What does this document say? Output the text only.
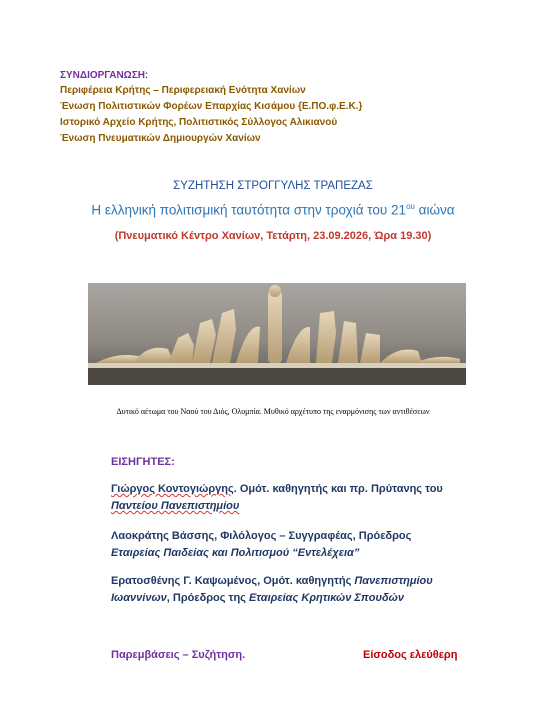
ΣΥΝΔΙΟΡΓΑΝΩΣΗ:
Περιφέρεια Κρήτης – Περιφερειακή Ενότητα Χανίων
Ένωση Πολιτιστικών Φορέων Επαρχίας Κισάμου {Ε.ΠΟ.φ.Ε.Κ.}
Ιστορικό Αρχείο Κρήτης, Πολιτιστικός Σύλλογος Αλικιανού
Ένωση Πνευματικών Δημιουργών Χανίων
ΣΥΖΗΤΗΣΗ ΣΤΡΟΓΓΥΛΗΣ ΤΡΑΠΕΖΑΣ
Η ελληνική πολιτισμική ταυτότητα στην τροχιά του $21^{o\upsilon}$ αιώνα
(Πνευματικό Κέντρο Χανίων, Τετάρτη, 23.09.2026, Ώρα 19.30)
Δυτικό αέτωμα του Ναού του Διός, Ολυμπία. Μυθικό αρχέτυπο της εναρμόνισης των αντιθέσεων
ΕΙΣΗΓΗΤΕΣ:
Γιώργος Κοντογιώργης. Ομότ. καθηγητής και πρ. Πρύτανης του
Παντείου Πανεπιστημίου
Λαοκράτης Βάσσης, Φιλόλογος – Συγγραφέας, Πρόεδρος
Εταιρείας Παιδείας και Πολιτισμού “Εντελέχεια”
Ερατοσθένης Γ. Καψωμένος, Ομότ. καθηγητής Πανεπιστημίου Ιωαννίνων, Πρόεδρος της Εταιρείας Κρητικών Σπουδών
Παρεμβάσεις – Συζήτηση.	Είσοδος ελεύθερη
